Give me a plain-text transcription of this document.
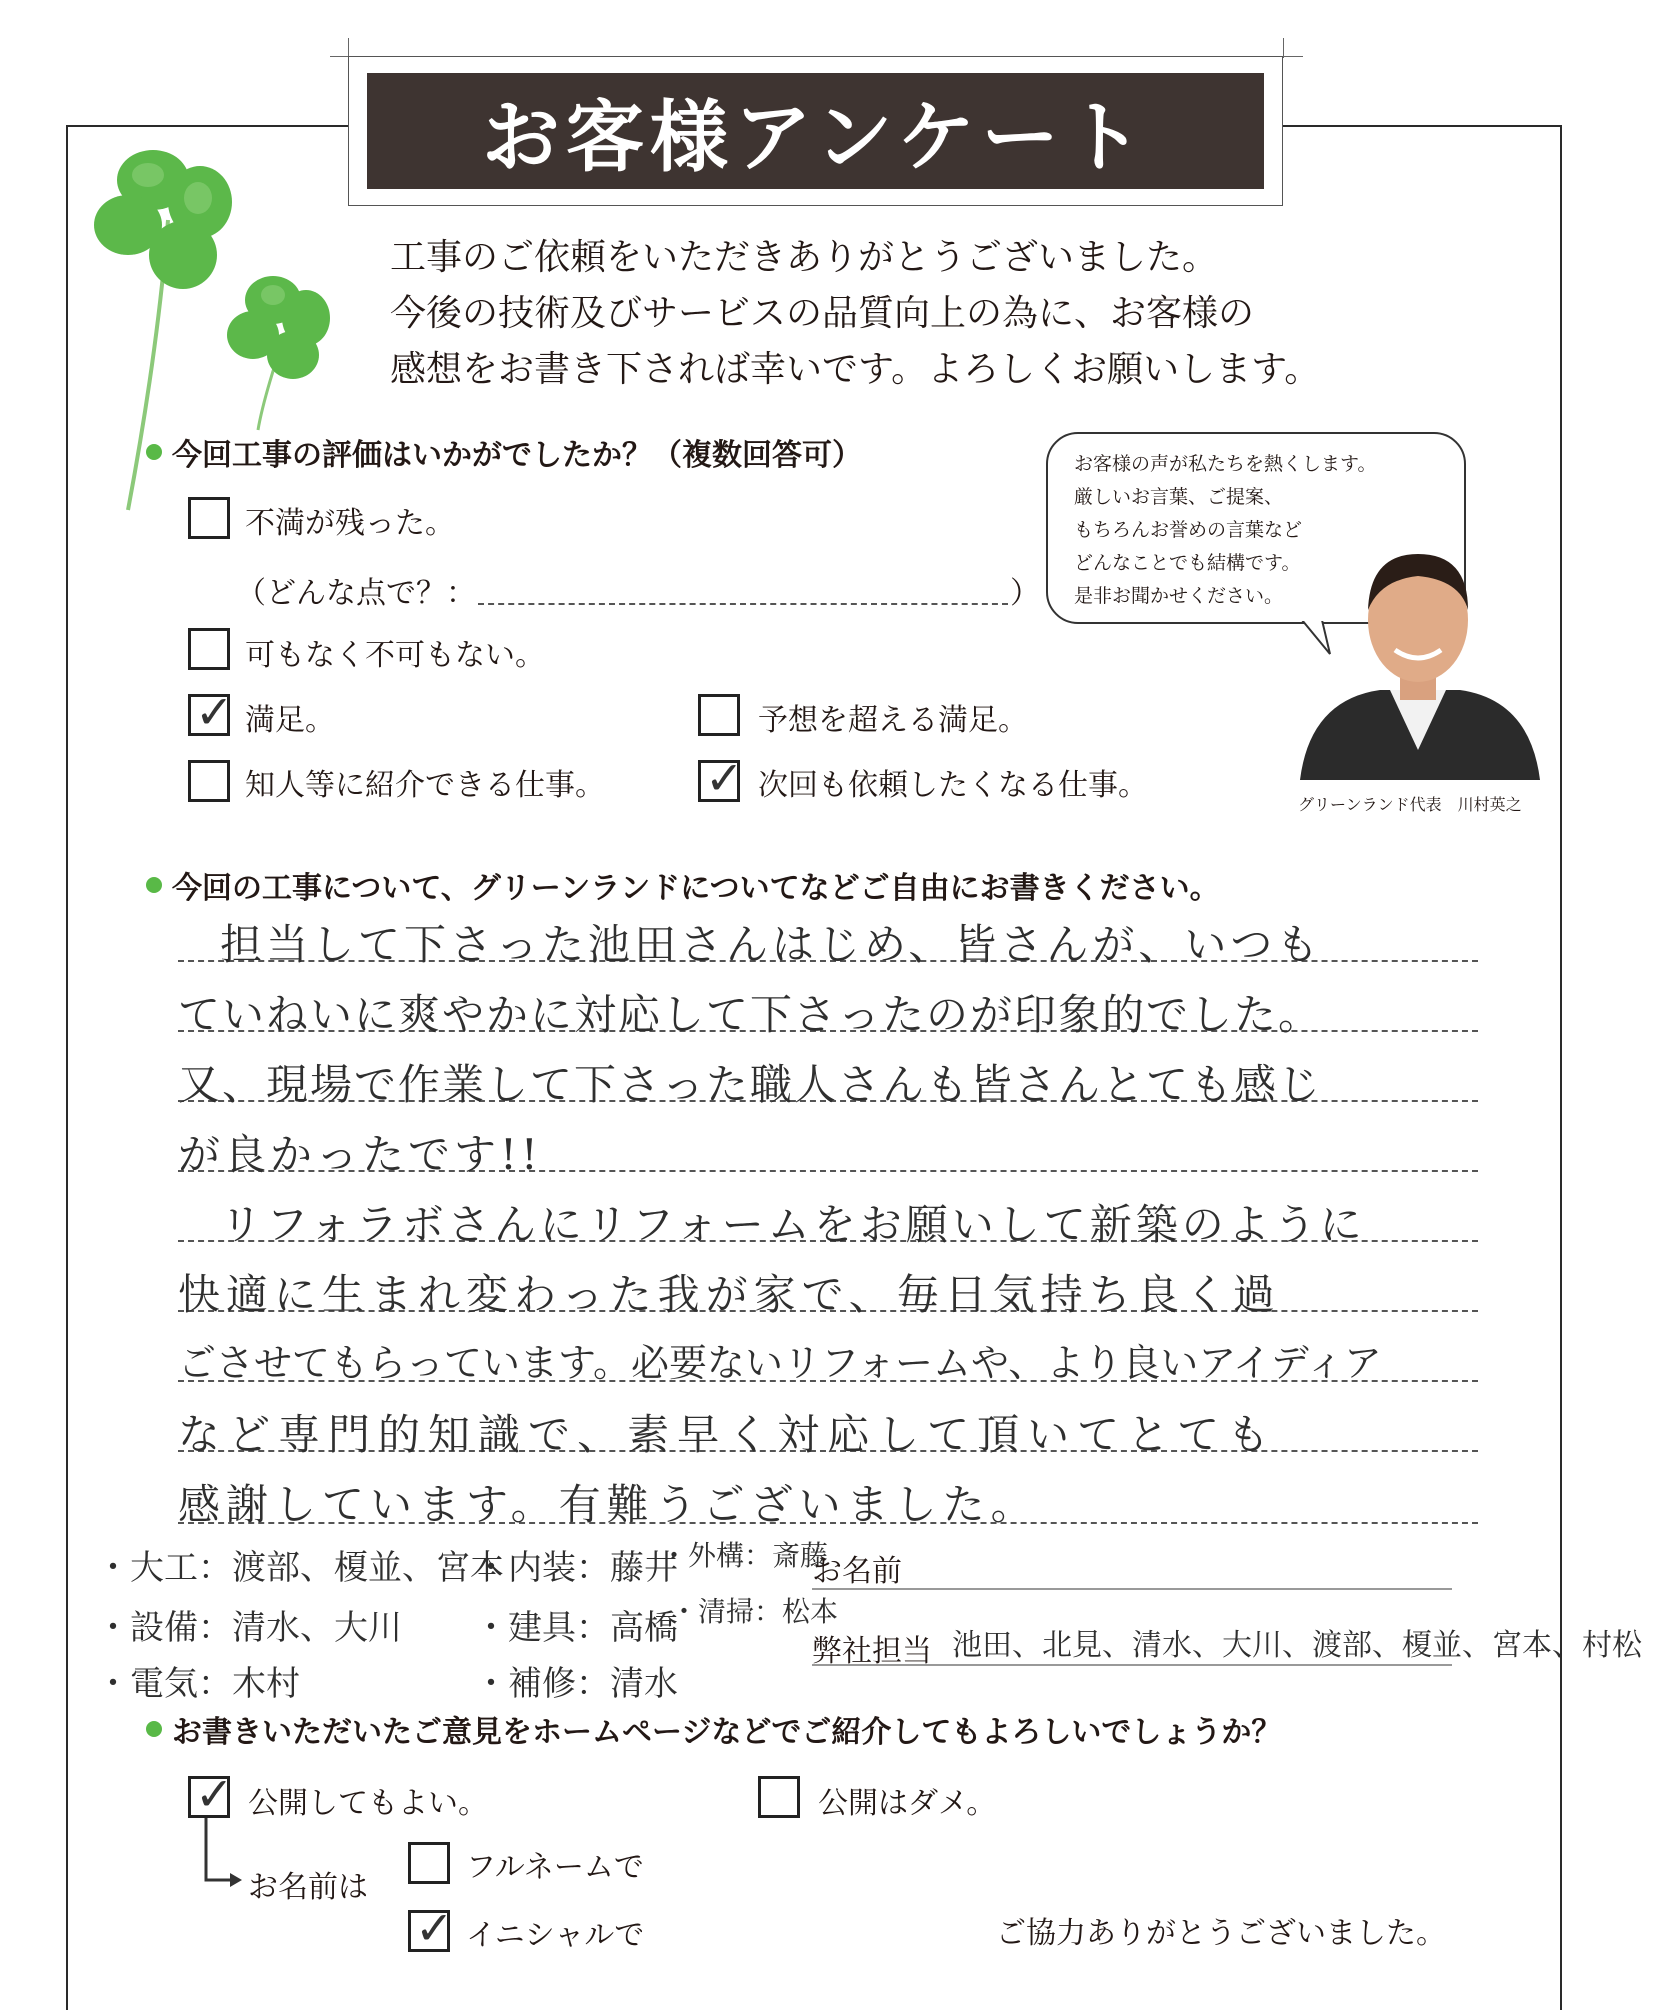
お客様アンケート
工事のご依頼をいただきありがとうございました。
今後の技術及びサービスの品質向上の為に、お客様の
感想をお書き下されば幸いです。よろしくお願いします。
今回工事の評価はいかがでしたか？（複数回答可）
不満が残った。
（どんな点で？：	）
可もなく不可もない。
✓ 満足。	予想を超える満足。
知人等に紹介できる仕事。 ✓ 次回も依頼したくなる仕事。
お客様の声が私たちを熱くします。
厳しいお言葉、ご提案、
もちろんお誉めの言葉など
どんなことでも結構です。
是非お聞かせください。
グリーンランド代表　川村英之
今回の工事について、グリーンランドについてなどご自由にお書きください。
担当して下さった池田さんはじめ、皆さんが、いつも
ていねいに爽やかに対応して下さったのが印象的でした。
又、現場で作業して下さった職人さんも皆さんとても感じ
が良かったです!!
リフォラボさんにリフォームをお願いして新築のように
快適に生まれ変わった我が家で、毎日気持ち良く過
ごさせてもらっています。必要ないリフォームや、より良いアイディア
など専門的知識で、素早く対応して頂いてとても
感謝しています。有難うございました。
・大工：渡部、榎並、宮本
・内装：藤井
・外構：斎藤
お名前
・設備：清水、大川 ・建具：高橋
・清掃：松本
弊社担当 池田、北見、清水、大川、渡部、榎並、宮本、村松
・電気：木村	・補修：清水
お書きいただいたご意見をホームページなどでご紹介してもよろしいでしょうか？
✓ 公開してもよい。	公開はダメ。
お名前は
フルネームで
✓ イニシャルで	ご協力ありがとうございました。
